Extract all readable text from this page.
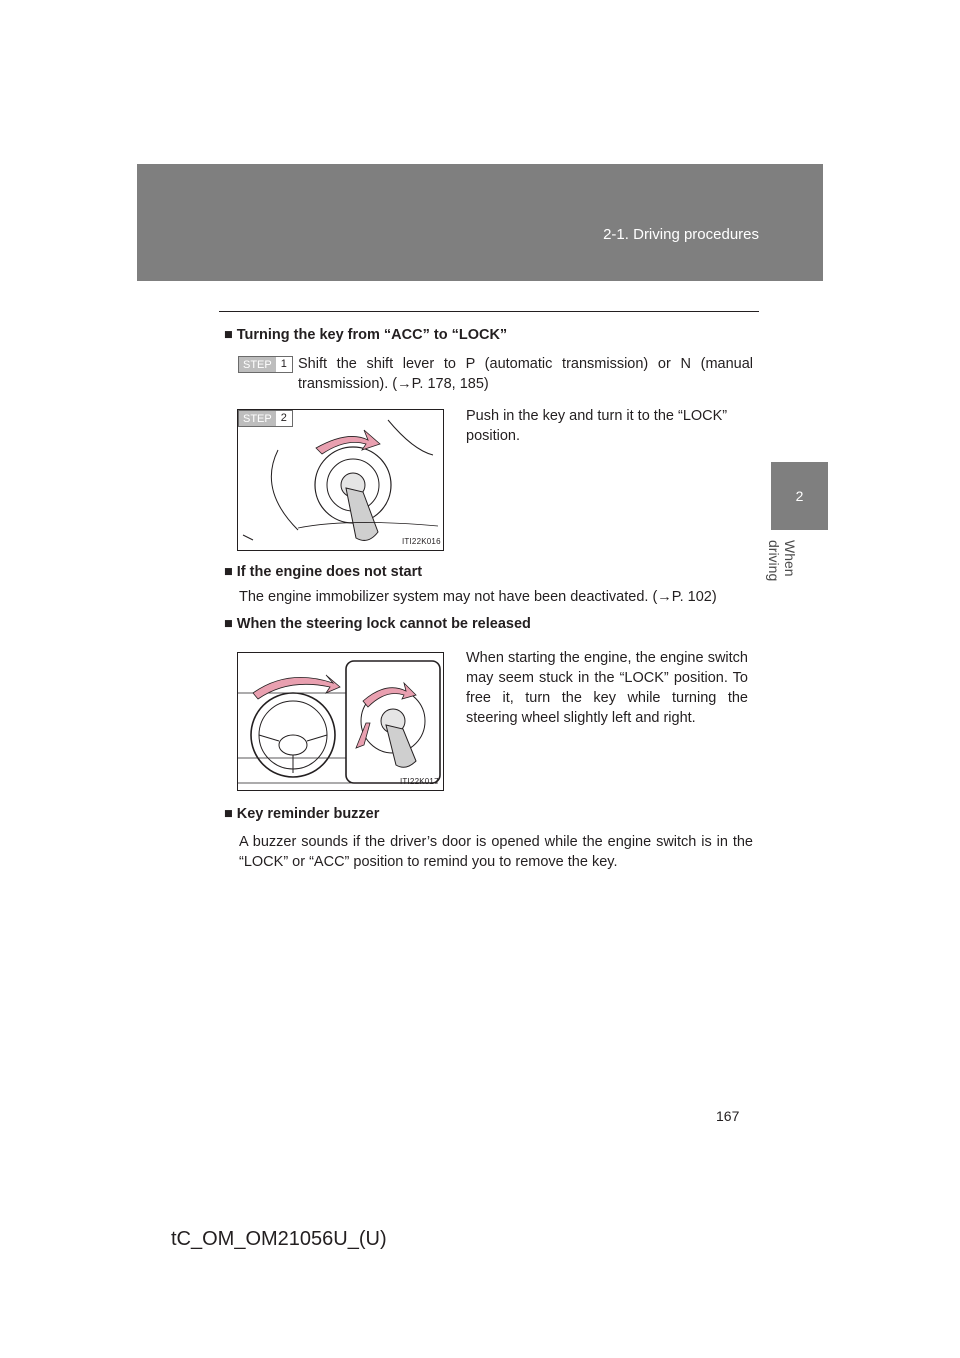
2-1. Driving procedures
2
When driving
■ Turning the key from “ACC” to “LOCK”
STEP 1 Shift the shift lever to P (automatic transmission) or N (manual transmission). (→P. 178, 185)
STEP 2
ITI22K016
Push in the key and turn it to the “LOCK” position.
■ If the engine does not start
The engine immobilizer system may not have been deactivated. (→P. 102)
■ When the steering lock cannot be released
ITI22K017
When starting the engine, the engine switch may seem stuck in the “LOCK” position. To free it, turn the key while turning the steering wheel slightly left and right.
■ Key reminder buzzer
A buzzer sounds if the driver’s door is opened while the engine switch is in the “LOCK” or “ACC” position to remind you to remove the key.
167
tC_OM_OM21056U_(U)
